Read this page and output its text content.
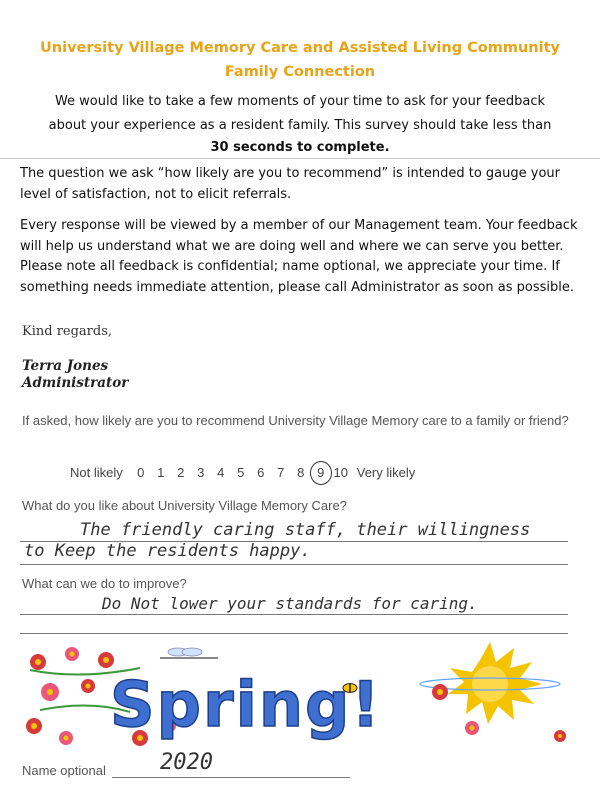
University Village Memory Care and Assisted Living Community
Family Connection
We would like to take a few moments of your time to ask for your feedback
about your experience as a resident family. This survey should take less than
30 seconds to complete.
The question we ask “how likely are you to recommend” is intended to gauge your level of satisfaction, not to elicit referrals.
Every response will be viewed by a member of our Management team. Your feedback will help us understand what we are doing well and where we can serve you better. Please note all feedback is confidential; name optional, we appreciate your time. If something needs immediate attention, please call Administrator as soon as possible.
Kind regards,
Terra Jones
Administrator
If asked, how likely are you to recommend University Village Memory care to a family or friend?
Not likely	0 1 2 3 4 5 6 7 8 9 10 Very likely
What do you like about University Village Memory Care?
The friendly caring staff, their willingness
to Keep the residents happy.
What can we do to improve?
Do Not lower your standards for caring.
Spring!
Name optional 2020
